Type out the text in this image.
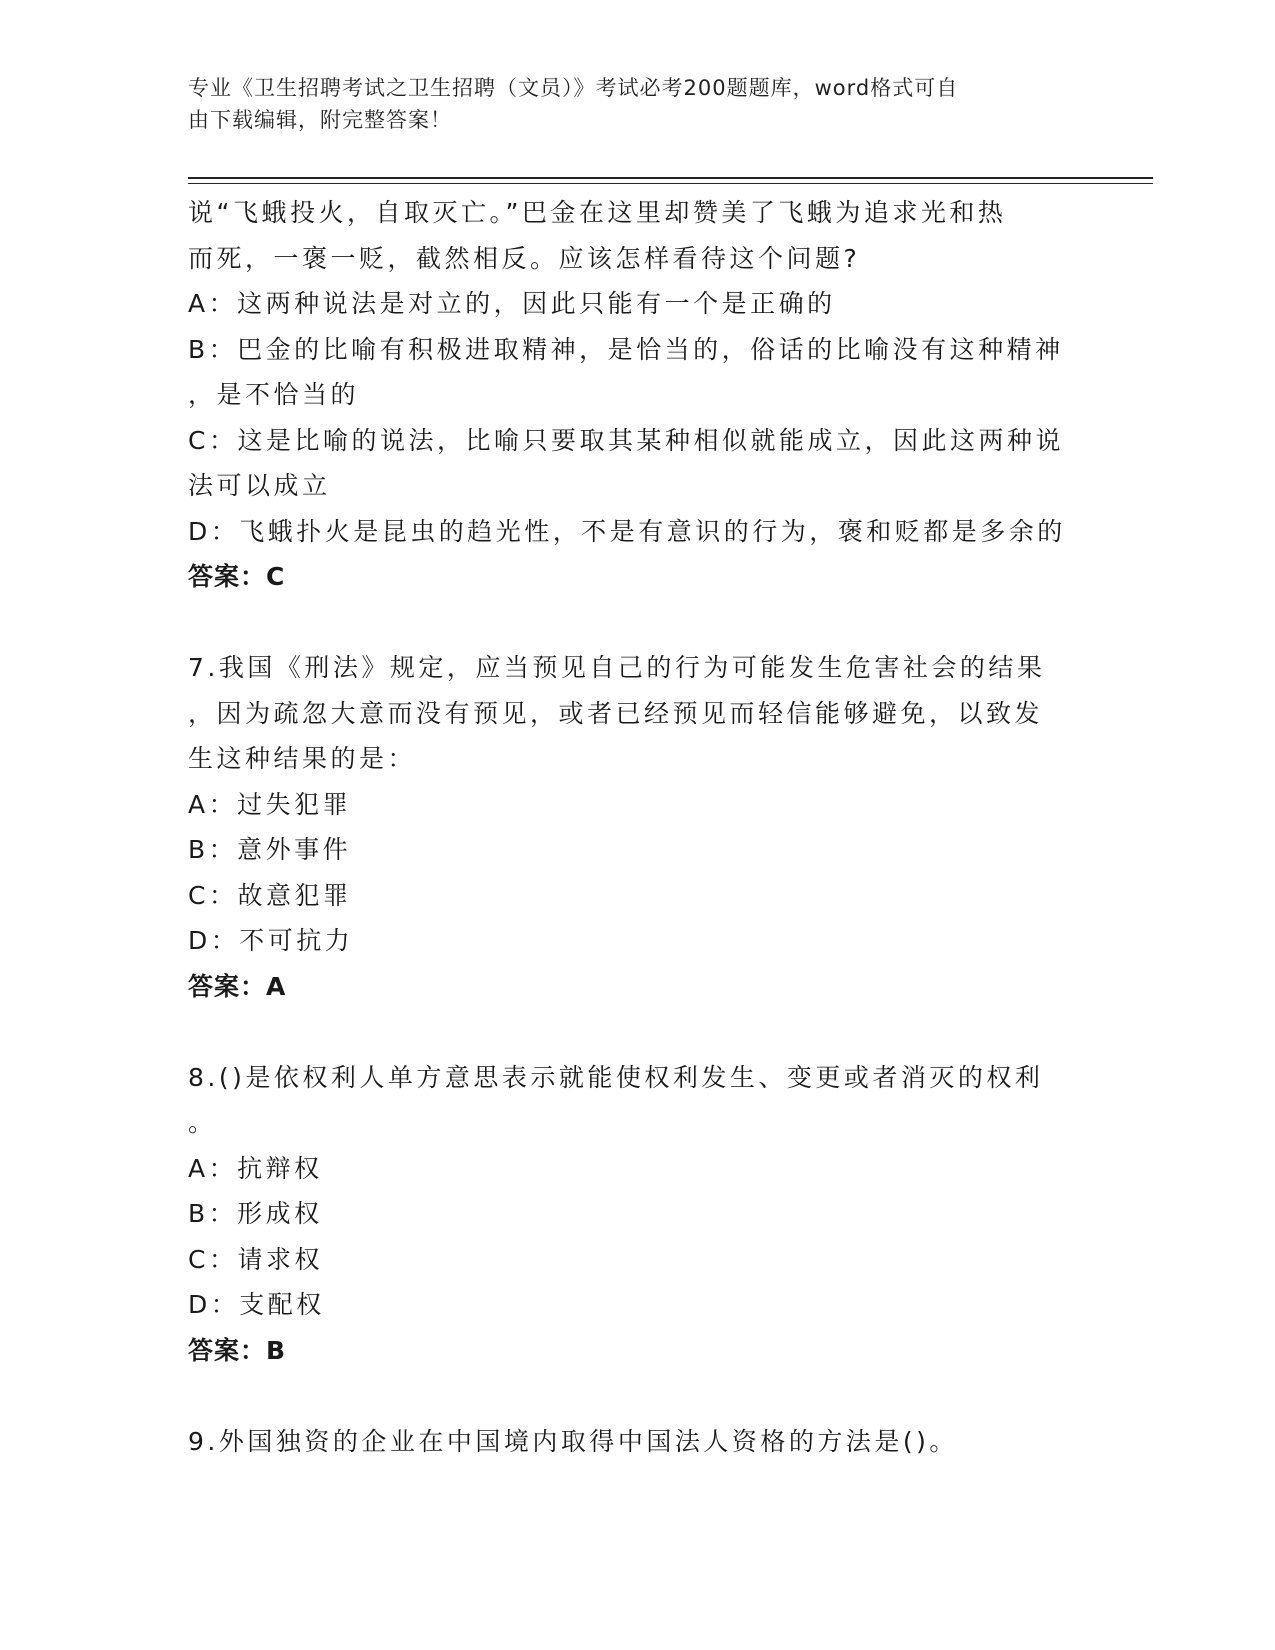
专业《卫生招聘考试之卫生招聘（文员）》考试必考200题题库，word格式可自
由下载编辑，附完整答案！
说“飞蛾投火，自取灭亡。”巴金在这里却赞美了飞蛾为追求光和热
而死，一褒一贬，截然相反。应该怎样看待这个问题?
A：这两种说法是对立的，因此只能有一个是正确的
B：巴金的比喻有积极进取精神，是恰当的，俗话的比喻没有这种精神
，是不恰当的
C：这是比喻的说法，比喻只要取其某种相似就能成立，因此这两种说
法可以成立
D：飞蛾扑火是昆虫的趋光性，不是有意识的行为，褒和贬都是多余的
答案：C
7.我国《刑法》规定，应当预见自己的行为可能发生危害社会的结果
，因为疏忽大意而没有预见，或者已经预见而轻信能够避免，以致发
生这种结果的是：
A：过失犯罪
B：意外事件
C：故意犯罪
D：不可抗力
答案：A
8.()是依权利人单方意思表示就能使权利发生、变更或者消灭的权利
。
A：抗辩权
B：形成权
C：请求权
D：支配权
答案：B
9.外国独资的企业在中国境内取得中国法人资格的方法是()。
